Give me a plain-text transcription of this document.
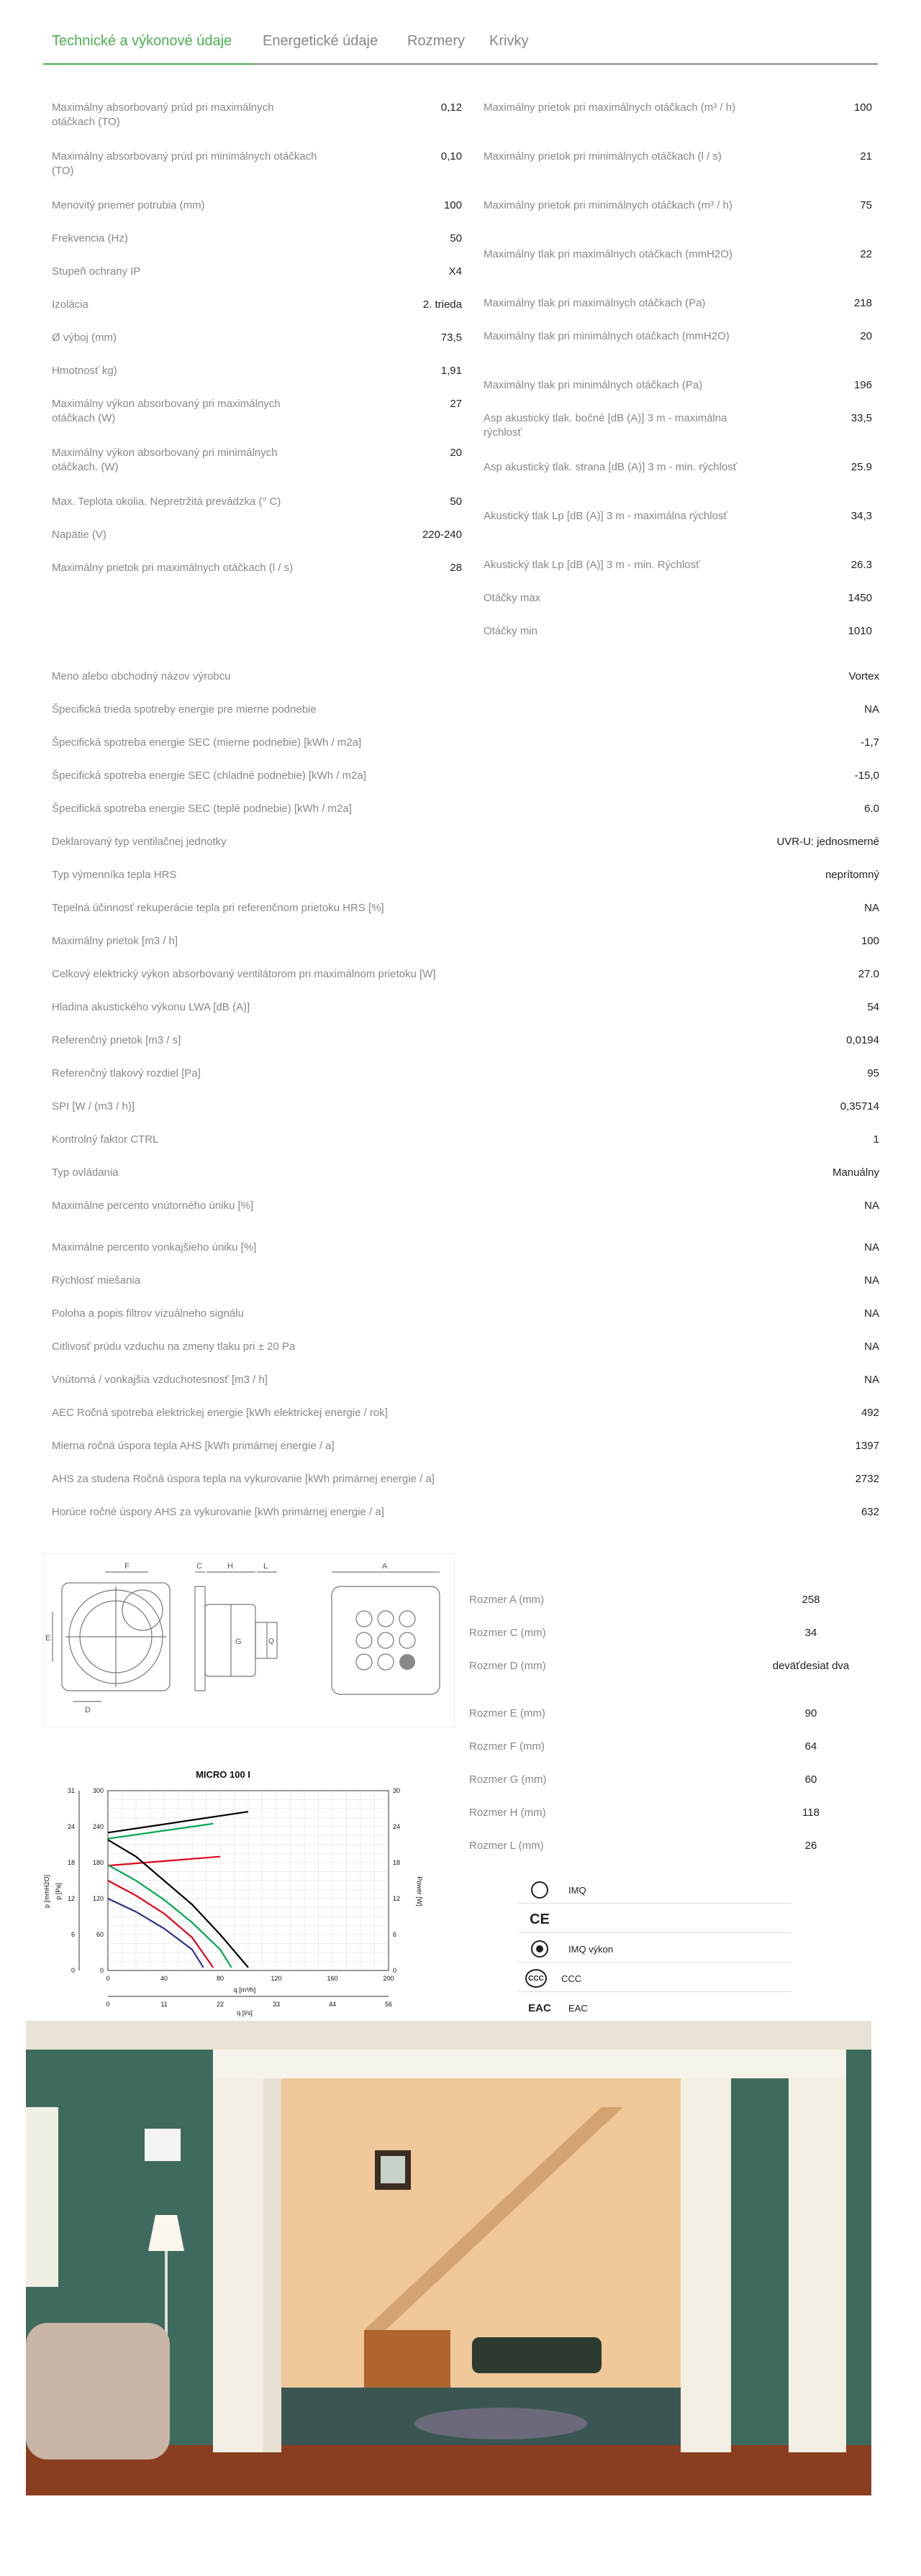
Technické a výkonové údaje Energetické údaje Rozmery Krivky
Maximálny absorbovaný prúd pri maximálnych otáčkach (TO)
0,12
Maximálny absorbovaný prúd pri minimálnych otáčkach (TO)
0,10
Menovitý priemer potrubia (mm)	100
Frekvencia (Hz)	50
Stupeň ochrany IP	X4
Izolácia	2. trieda
Ø výboj (mm)	73,5
Hmotnosť kg)	1,91
Maximálny výkon absorbovaný pri maximálnych otáčkach (W)
27
Maximálny výkon absorbovaný pri minimálnych otáčkach. (W)
20
Max. Teplota okolia. Nepretržitá prevádzka (° C)	50
Napätie (V)	220-240
Maximálny prietok pri maximálnych otáčkach (l / s)	28
Maximálny prietok pri maximálnych otáčkach (m³ / h)	100
Maximálny prietok pri minimálnych otáčkach (l / s)	21
Maximálny prietok pri minimálnych otáčkach (m³ / h)	75
Maximálny tlak pri maximálnych otáčkach (mmH2O)	22
Maximálny tlak pri maximálnych otáčkach (Pa)	218
Maximálny tlak pri minimálnych otáčkach (mmH2O)	20
Maximálny tlak pri minimálnych otáčkach (Pa)	196
Asp akustický tlak. bočné [dB (A)] 3 m - maximálna rýchlosť
33,5
Asp akustický tlak. strana [dB (A)] 3 m - min. rýchlosť	25.9
Akustický tlak Lp [dB (A)] 3 m - maximálna rýchlosť	34,3
Akustický tlak Lp [dB (A)] 3 m - min. Rýchlosť	26.3
Otáčky max	1450
Otáčky min	1010
Meno alebo obchodný názov výrobcu	Vortex
Špecifická trieda spotreby energie pre mierne podnebie	NA
Špecifická spotreba energie SEC (mierne podnebie) [kWh / m2a]	-1,7
Špecifická spotreba energie SEC (chladné podnebie) [kWh / m2a]	-15,0
Špecifická spotreba energie SEC (teplé podnebie) [kWh / m2a]	6.0
Deklarovaný typ ventilačnej jednotky	UVR-U: jednosmerné
Typ výmenníka tepla HRS	neprítomný
Tepelná účinnosť rekuperácie tepla pri referenčnom prietoku HRS [%]	NA
Maximálny prietok [m3 / h]	100
Celkový elektrický výkon absorbovaný ventilátorom pri maximálnom prietoku [W]	27.0
Hladina akustického výkonu LWA [dB (A)]	54
Referenčný prietok [m3 / s]	0,0194
Referenčný tlakový rozdiel [Pa]	95
SPI [W / (m3 / h)]	0,35714
Kontrolný faktor CTRL	1
Typ ovládania	Manuálny
Maximálne percento vnútorného úniku [%]	NA
Maximálne percento vonkajšieho úniku [%]	NA
Rýchlosť miešania	NA
Poloha a popis filtrov vizuálneho signálu	NA
Citlivosť prúdu vzduchu na zmeny tlaku pri ± 20 Pa	NA
Vnútorná / vonkajšia vzduchotesnosť [m3 / h]	NA
AEC Ročná spotreba elektrickej energie [kWh elektrickej energie / rok]	492
Mierna ročná úspora tepla AHS [kWh primárnej energie / a]	1397
AHS za studena Ročná úspora tepla na vykurovanie [kWh primárnej energie / a]	2732
Horúce ročné úspory AHS za vykurovanie [kWh primárnej energie / a]	632
F
E
D
C	H	L
G	Q
A
Rozmer A (mm)	258
Rozmer C (mm)	34
Rozmer D (mm)	deväťdesiat dva
Rozmer E (mm)	90
Rozmer F (mm)	64
Rozmer G (mm)	60
Rozmer H (mm)	118
Rozmer L (mm)	26
MICRO 100 I
0	40	80	120	160	200
0	11	22	33	44	56
0
60
120
180
240
300
0
6
12
18
24
31
0
6
12
18
24
30
p [mmH2O] p [Pa]	Power [W]
q [m³/h]
q [l/s]
IMQ
CE
IMQ výkon
CCC	CCC
EAC	EAC
